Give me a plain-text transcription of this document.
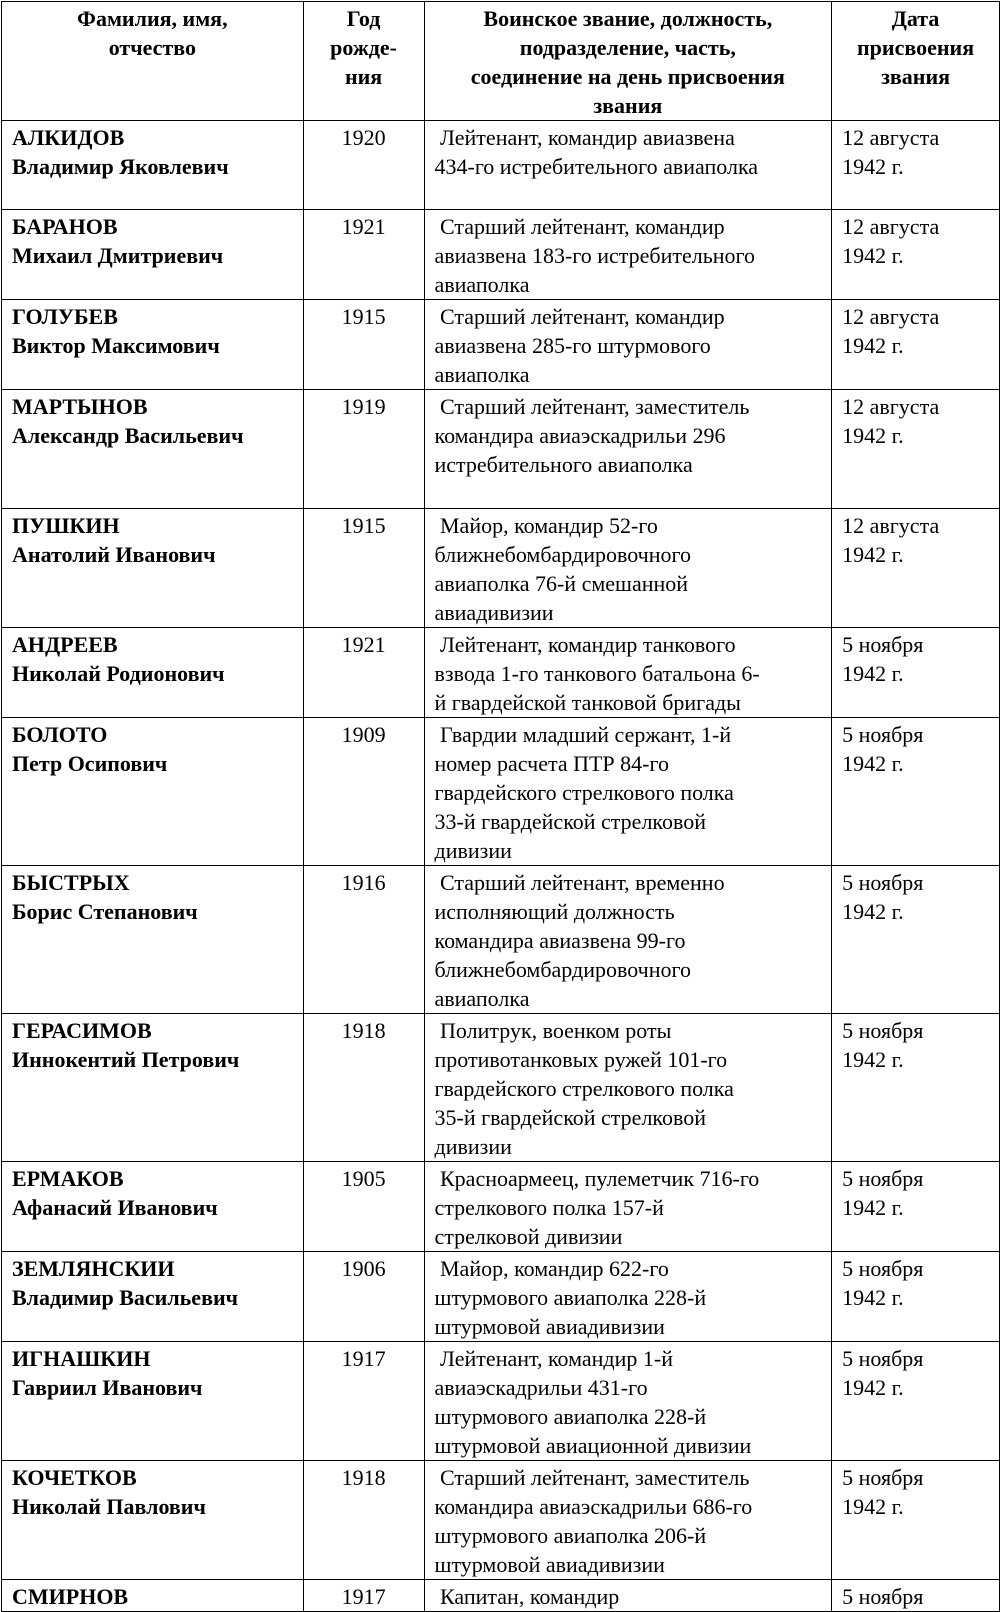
Фамилия, имя,
отчество	Год
рожде-
ния	Воинское звание, должность,
подразделение, часть,
соединение на день присвоения
звания	Дата
присвоения
звания

АЛКИДОВ
Владимир Яковлевич	1920	Лейтенант, командир авиазвена
434-го истребительного авиаполка	12 августа
1942 г.

БАРАНОВ
Михаил Дмитриевич	1921	Старший лейтенант, командир
авиазвена 183-го истребительного
авиаполка	12 августа
1942 г.

ГОЛУБЕВ
Виктор Максимович	1915	Старший лейтенант, командир
авиазвена 285-го штурмового
авиаполка	12 августа
1942 г.

МАРТЫНОВ
Александр Васильевич	1919	Старший лейтенант, заместитель
командира авиаэскадрильи 296
истребительного авиаполка	12 августа
1942 г.

ПУШКИН
Анатолий Иванович	1915	Майор, командир 52-го
ближнебомбардировочного
авиаполка 76-й смешанной
авиадивизии	12 августа
1942 г.

АНДРЕЕВ
Николай Родионович	1921	Лейтенант, командир танкового
взвода 1-го танкового батальона 6-
й гвардейской танковой бригады	5 ноября
1942 г.

БОЛОТО
Петр Осипович	1909	Гвардии младший сержант, 1-й
номер расчета ПТР 84-го
гвардейского стрелкового полка
33-й гвардейской стрелковой
дивизии	5 ноября
1942 г.

БЫСТРЫХ
Борис Степанович	1916	Старший лейтенант, временно
исполняющий должность
командира авиазвена 99-го
ближнебомбардировочного
авиаполка	5 ноября
1942 г.

ГЕРАСИМОВ
Иннокентий Петрович	1918	Политрук, военком роты
противотанковых ружей 101-го
гвардейского стрелкового полка
35-й гвардейской стрелковой
дивизии	5 ноября
1942 г.

ЕРМАКОВ
Афанасий Иванович	1905	Красноармеец, пулеметчик 716-го
стрелкового полка 157-й
стрелковой дивизии	5 ноября
1942 г.

ЗЕМЛЯНСКИИ
Владимир Васильевич	1906	Майор, командир 622-го
штурмового авиаполка 228-й
штурмовой авиадивизии	5 ноября
1942 г.

ИГНАШКИН
Гавриил Иванович	1917	Лейтенант, командир 1-й
авиаэскадрильи 431-го
штурмового авиаполка 228-й
штурмовой авиационной дивизии	5 ноября
1942 г.

КОЧЕТКОВ
Николай Павлович	1918	Старший лейтенант, заместитель
командира авиаэскадрильи 686-го
штурмового авиаполка 206-й
штурмовой авиадивизии	5 ноября
1942 г.

СМИРНОВ	1917	Капитан, командир	5 ноября
